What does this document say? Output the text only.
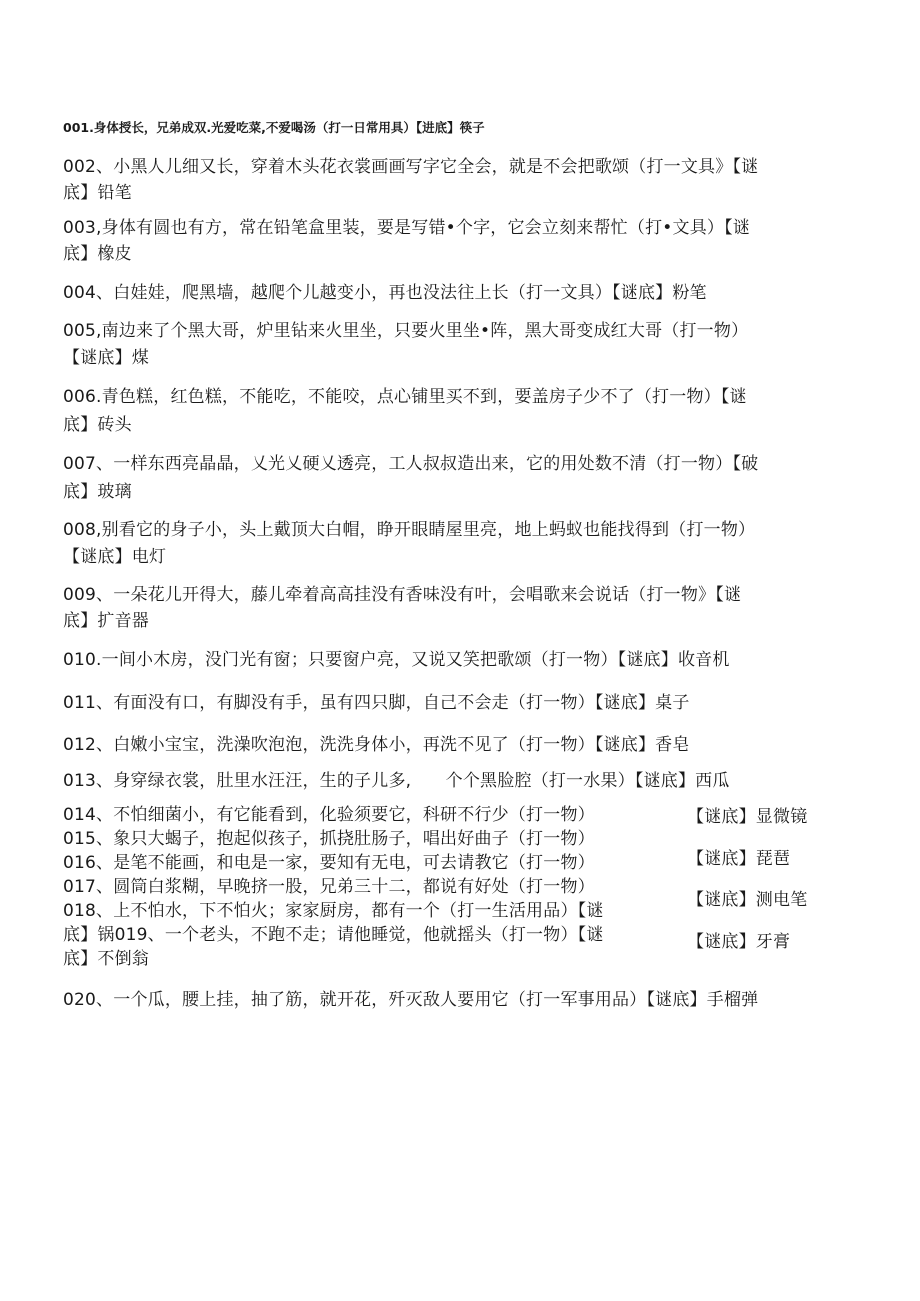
001.身体授长，兄弟成双.光爱吃菜,不爱喝汤（打一日常用具）【进底】筷子
002、小黑人儿细又长，穿着木头花衣裳画画写字它全会，就是不会把歌颂（打一文具》【谜
底】铅笔
003,身体有圆也有方，常在铅笔盒里装，要是写错•个字，它会立刻来帮忙（打•文具）【谜
底】橡皮
004、白娃娃，爬黑墙，越爬个儿越变小，再也没法往上长（打一文具）【谜底】粉笔
005,南边来了个黑大哥，炉里钻来火里坐，只要火里坐•阵，黑大哥变成红大哥（打一物）
【谜底】煤
006.青色糕，红色糕，不能吃，不能咬，点心铺里买不到，要盖房子少不了（打一物）【谜
底】砖头
007、一样东西亮晶晶，乂光乂硬乂透亮，工人叔叔造出来，它的用处数不清（打一物）【破
底】玻璃
008,别看它的身子小，头上戴顶大白帽，睁开眼睛屋里亮，地上蚂蚁也能找得到（打一物）
【谜底】电灯
009、一朵花儿开得大，藤儿牵着高高挂没有香味没有叶，会唱歌来会说话（打一物》【谜
底】扩音器
010.一间小木房，没门光有窗；只要窗户亮，又说又笑把歌颂（打一物）【谜底】收音机
011、有面没有口，有脚没有手，虽有四只脚，自己不会走（打一物）【谜底】桌子
012、白嫩小宝宝，洗澡吹泡泡，洗洗身体小，再洗不见了（打一物）【谜底】香皂
013、身穿绿衣裳，肚里水汪汪，生的子儿多,　　个个黑脸腔（打一水果）【谜底】西瓜
014、不怕细菌小，有它能看到，化验须要它，科研不行少（打一物）
015、象只大蝎子，抱起似孩子，抓挠肚肠子，唱出好曲子（打一物）
016、是笔不能画，和电是一家，要知有无电，可去请教它（打一物）
017、圆筒白浆糊，早晚挤一股，兄弟三十二，都说有好处（打一物）
018、上不怕水，下不怕火；家家厨房，都有一个（打一生活用品）【谜
底】锅019、一个老头，不跑不走；请他睡觉，他就摇头（打一物）【谜
底】不倒翁
【谜底】显微镜
【谜底】琵琶
【谜底】测电笔
【谜底】牙膏
020、一个瓜，腰上挂，抽了筋，就开花，歼灭敌人要用它（打一军事用品）【谜底】手榴弹
